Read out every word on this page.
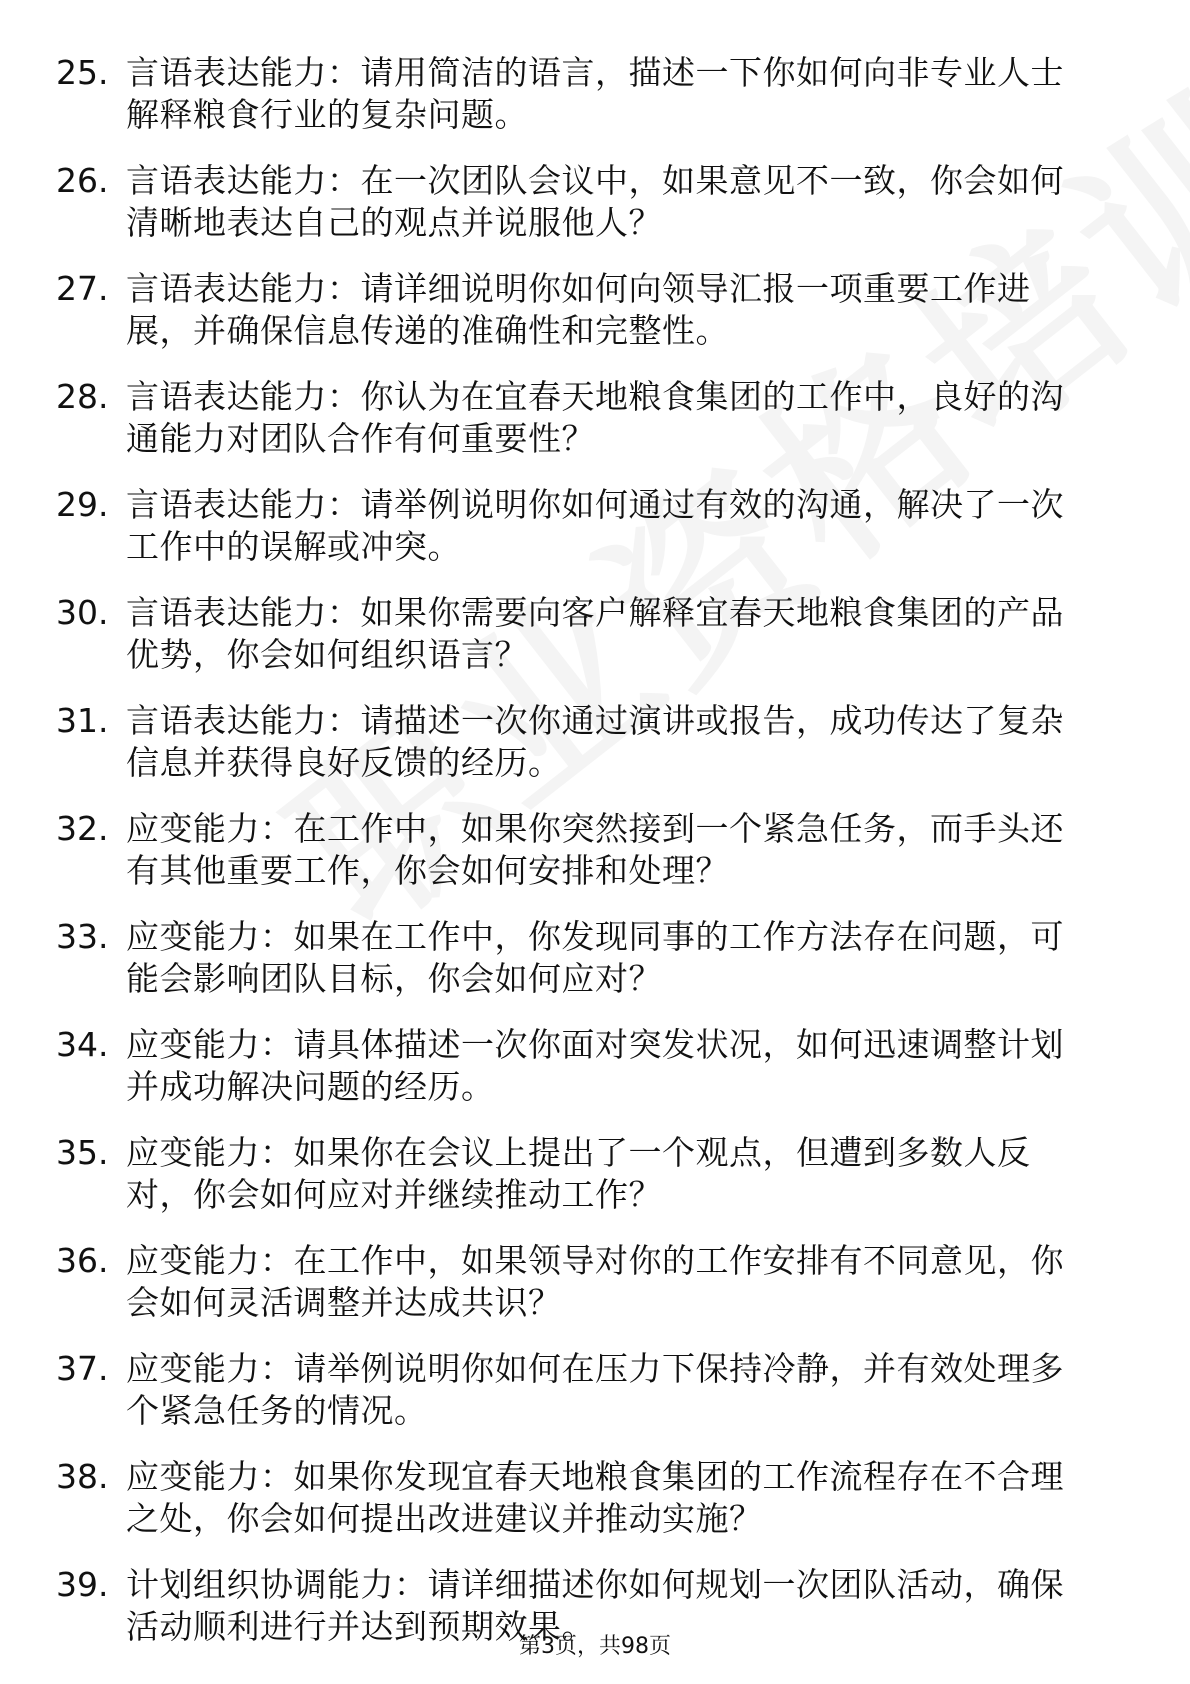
25. 言语表达能力：请用简洁的语言，描述一下你如何向非专业人士解释粮食行业的复杂问题。
26. 言语表达能力：在一次团队会议中，如果意见不一致，你会如何清晰地表达自己的观点并说服他人？
27. 言语表达能力：请详细说明你如何向领导汇报一项重要工作进展，并确保信息传递的准确性和完整性。
28. 言语表达能力：你认为在宜春天地粮食集团的工作中，良好的沟通能力对团队合作有何重要性？
29. 言语表达能力：请举例说明你如何通过有效的沟通，解决了一次工作中的误解或冲突。
30. 言语表达能力：如果你需要向客户解释宜春天地粮食集团的产品优势，你会如何组织语言？
31. 言语表达能力：请描述一次你通过演讲或报告，成功传达了复杂信息并获得良好反馈的经历。
32. 应变能力：在工作中，如果你突然接到一个紧急任务，而手头还有其他重要工作，你会如何安排和处理？
33. 应变能力：如果在工作中，你发现同事的工作方法存在问题，可能会影响团队目标，你会如何应对？
34. 应变能力：请具体描述一次你面对突发状况，如何迅速调整计划并成功解决问题的经历。
35. 应变能力：如果你在会议上提出了一个观点，但遭到多数人反对，你会如何应对并继续推动工作？
36. 应变能力：在工作中，如果领导对你的工作安排有不同意见，你会如何灵活调整并达成共识？
37. 应变能力：请举例说明你如何在压力下保持冷静，并有效处理多个紧急任务的情况。
38. 应变能力：如果你发现宜春天地粮食集团的工作流程存在不合理之处，你会如何提出改进建议并推动实施？
39. 计划组织协调能力：请详细描述你如何规划一次团队活动，确保活动顺利进行并达到预期效果。
第3页，共98页
